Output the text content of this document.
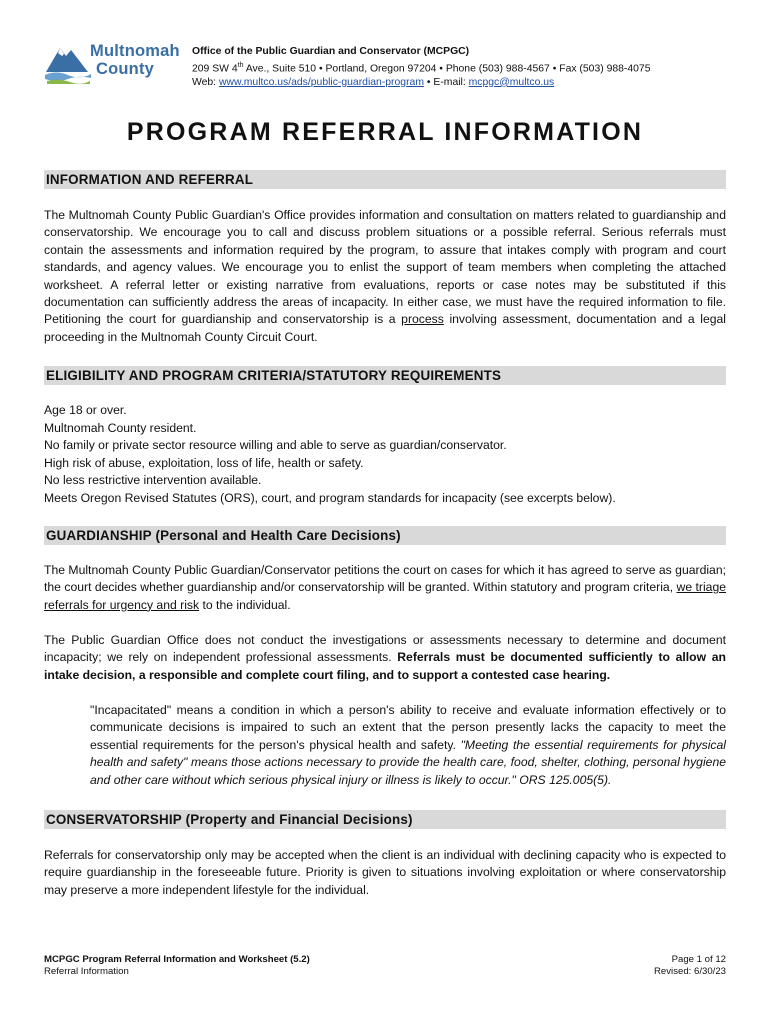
Multnomah
County
Office of the Public Guardian and Conservator (MCPGC)
209 SW 4th Ave., Suite 510 • Portland, Oregon 97204 • Phone (503) 988-4567 • Fax (503) 988-4075
Web: www.multco.us/ads/public-guardian-program • E-mail: mcpgc@multco.us
PROGRAM REFERRAL INFORMATION
INFORMATION AND REFERRAL
The Multnomah County Public Guardian's Office provides information and consultation on matters related to guardianship and conservatorship. We encourage you to call and discuss problem situations or a possible referral. Serious referrals must contain the assessments and information required by the program, to assure that intakes comply with program and court standards, and agency values. We encourage you to enlist the support of team members when completing the attached worksheet. A referral letter or existing narrative from evaluations, reports or case notes may be substituted if this documentation can sufficiently address the areas of incapacity. In either case, we must have the required information to file. Petitioning the court for guardianship and conservatorship is a process involving assessment, documentation and a legal proceeding in the Multnomah County Circuit Court.
ELIGIBILITY AND PROGRAM CRITERIA/STATUTORY REQUIREMENTS
Age 18 or over.
Multnomah County resident.
No family or private sector resource willing and able to serve as guardian/conservator.
High risk of abuse, exploitation, loss of life, health or safety.
No less restrictive intervention available.
Meets Oregon Revised Statutes (ORS), court, and program standards for incapacity (see excerpts below).
GUARDIANSHIP (Personal and Health Care Decisions)
The Multnomah County Public Guardian/Conservator petitions the court on cases for which it has agreed to serve as guardian; the court decides whether guardianship and/or conservatorship will be granted. Within statutory and program criteria, we triage referrals for urgency and risk to the individual.
The Public Guardian Office does not conduct the investigations or assessments necessary to determine and document incapacity; we rely on independent professional assessments. Referrals must be documented sufficiently to allow an intake decision, a responsible and complete court filing, and to support a contested case hearing.
"Incapacitated" means a condition in which a person's ability to receive and evaluate information effectively or to communicate decisions is impaired to such an extent that the person presently lacks the capacity to meet the essential requirements for the person's physical health and safety. "Meeting the essential requirements for physical health and safety" means those actions necessary to provide the health care, food, shelter, clothing, personal hygiene and other care without which serious physical injury or illness is likely to occur." ORS 125.005(5).
CONSERVATORSHIP (Property and Financial Decisions)
Referrals for conservatorship only may be accepted when the client is an individual with declining capacity who is expected to require guardianship in the foreseeable future. Priority is given to situations involving exploitation or where conservatorship may preserve a more independent lifestyle for the individual.
MCPGC Program Referral Information and Worksheet (5.2)
Referral Information
Page 1 of 12
Revised: 6/30/23
